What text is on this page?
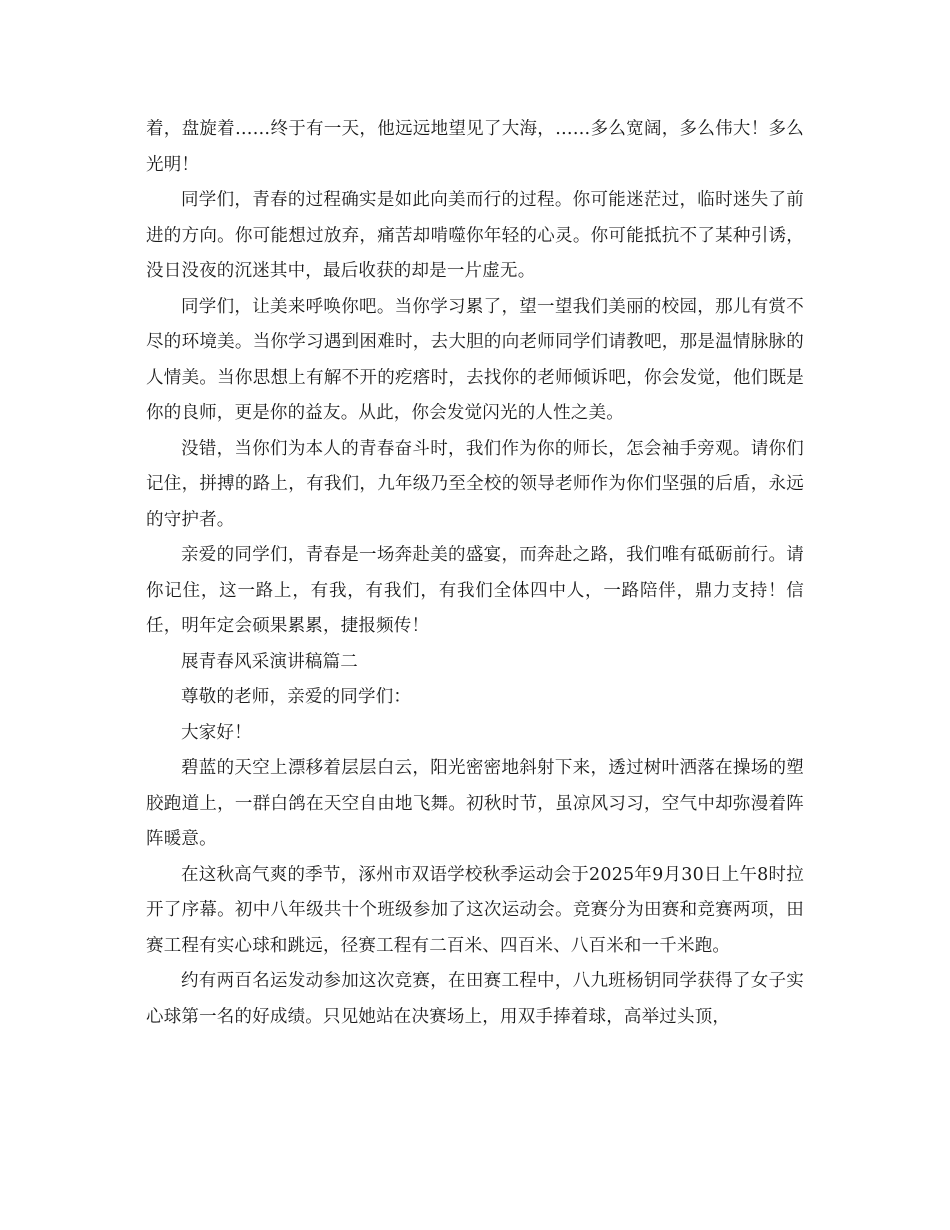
着，盘旋着……终于有一天，他远远地望见了大海，……多么宽阔，多么伟大！多么光明！

同学们，青春的过程确实是如此向美而行的过程。你可能迷茫过，临时迷失了前进的方向。你可能想过放弃，痛苦却啃噬你年轻的心灵。你可能抵抗不了某种引诱，没日没夜的沉迷其中，最后收获的却是一片虚无。

同学们，让美来呼唤你吧。当你学习累了，望一望我们美丽的校园，那儿有赏不尽的环境美。当你学习遇到困难时，去大胆的向老师同学们请教吧，那是温情脉脉的人情美。当你思想上有解不开的疙瘩时，去找你的老师倾诉吧，你会发觉，他们既是你的良师，更是你的益友。从此，你会发觉闪光的人性之美。

没错，当你们为本人的青春奋斗时，我们作为你的师长，怎会袖手旁观。请你们记住，拼搏的路上，有我们，九年级乃至全校的领导老师作为你们坚强的后盾，永远的守护者。

亲爱的同学们，青春是一场奔赴美的盛宴，而奔赴之路，我们唯有砥砺前行。请你记住，这一路上，有我，有我们，有我们全体四中人，一路陪伴，鼎力支持！信任，明年定会硕果累累，捷报频传！

展青春风采演讲稿篇二

尊敬的老师，亲爱的同学们：

大家好！

碧蓝的天空上漂移着层层白云，阳光密密地斜射下来，透过树叶洒落在操场的塑胶跑道上，一群白鸽在天空自由地飞舞。初秋时节，虽凉风习习，空气中却弥漫着阵阵暖意。

在这秋高气爽的季节，涿州市双语学校秋季运动会于2025年9月30日上午8时拉开了序幕。初中八年级共十个班级参加了这次运动会。竞赛分为田赛和竞赛两项，田赛工程有实心球和跳远，径赛工程有二百米、四百米、八百米和一千米跑。

约有两百名运发动参加这次竞赛，在田赛工程中，八九班杨钥同学获得了女子实心球第一名的好成绩。只见她站在决赛场上，用双手捧着球，高举过头顶，
